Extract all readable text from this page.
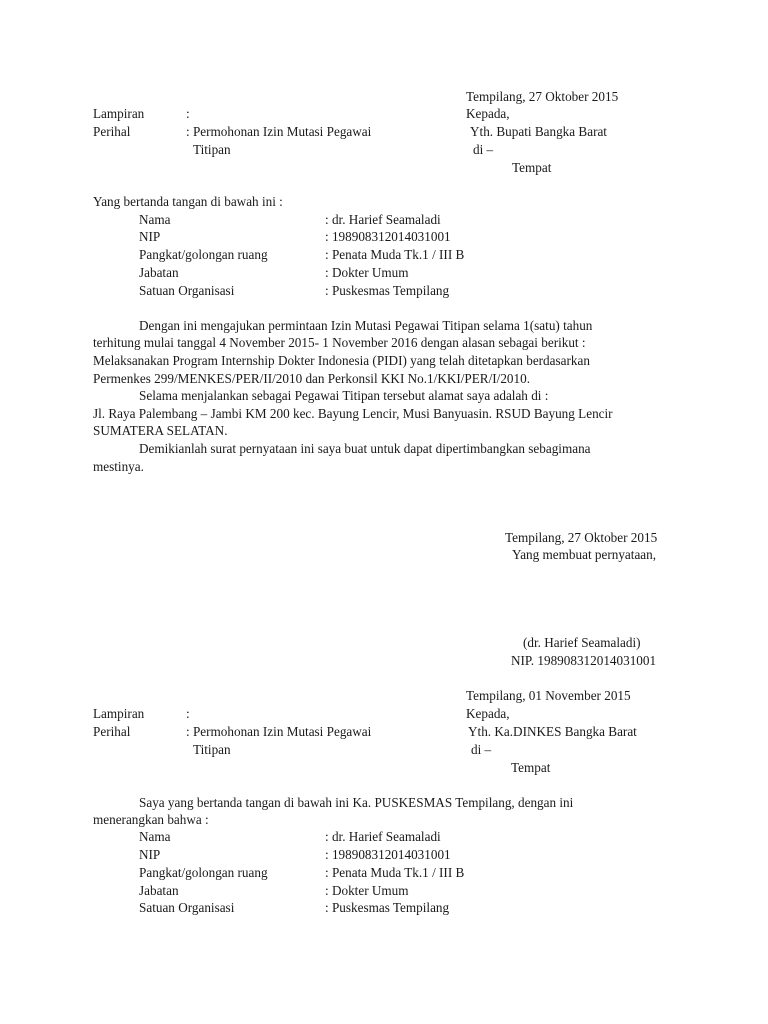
Tempilang, 27 Oktober 2015
Lampiran	:	Kepada,
Perihal	: Permohonan Izin Mutasi Pegawai	Yth. Bupati Bangka Barat
Titipan	di –
Tempat
Yang bertanda tangan di bawah ini :
Nama	: dr. Harief Seamaladi
NIP	: 198908312014031001
Pangkat/golongan ruang	: Penata Muda Tk.1 / III B
Jabatan	: Dokter Umum
Satuan Organisasi	: Puskesmas Tempilang
Dengan ini mengajukan permintaan Izin Mutasi Pegawai Titipan selama 1(satu) tahun
terhitung mulai tanggal 4 November 2015- 1 November 2016 dengan alasan sebagai berikut :
Melaksanakan Program Internship Dokter Indonesia (PIDI) yang telah ditetapkan berdasarkan
Permenkes 299/MENKES/PER/II/2010 dan Perkonsil KKI No.1/KKI/PER/I/2010.
Selama menjalankan sebagai Pegawai Titipan tersebut alamat saya adalah di :
Jl. Raya Palembang – Jambi KM 200 kec. Bayung Lencir, Musi Banyuasin. RSUD Bayung Lencir
SUMATERA SELATAN.
Demikianlah surat pernyataan ini saya buat untuk dapat dipertimbangkan sebagimana
mestinya.
Tempilang, 27 Oktober 2015
Yang membuat pernyataan,
(dr. Harief Seamaladi)
NIP. 198908312014031001
Tempilang, 01 November 2015
Lampiran	:	Kepada,
Perihal	: Permohonan Izin Mutasi Pegawai	Yth. Ka.DINKES Bangka Barat
Titipan	di –
Tempat
Saya yang bertanda tangan di bawah ini Ka. PUSKESMAS Tempilang, dengan ini
menerangkan bahwa :
Nama	: dr. Harief Seamaladi
NIP	: 198908312014031001
Pangkat/golongan ruang	: Penata Muda Tk.1 / III B
Jabatan	: Dokter Umum
Satuan Organisasi	: Puskesmas Tempilang
